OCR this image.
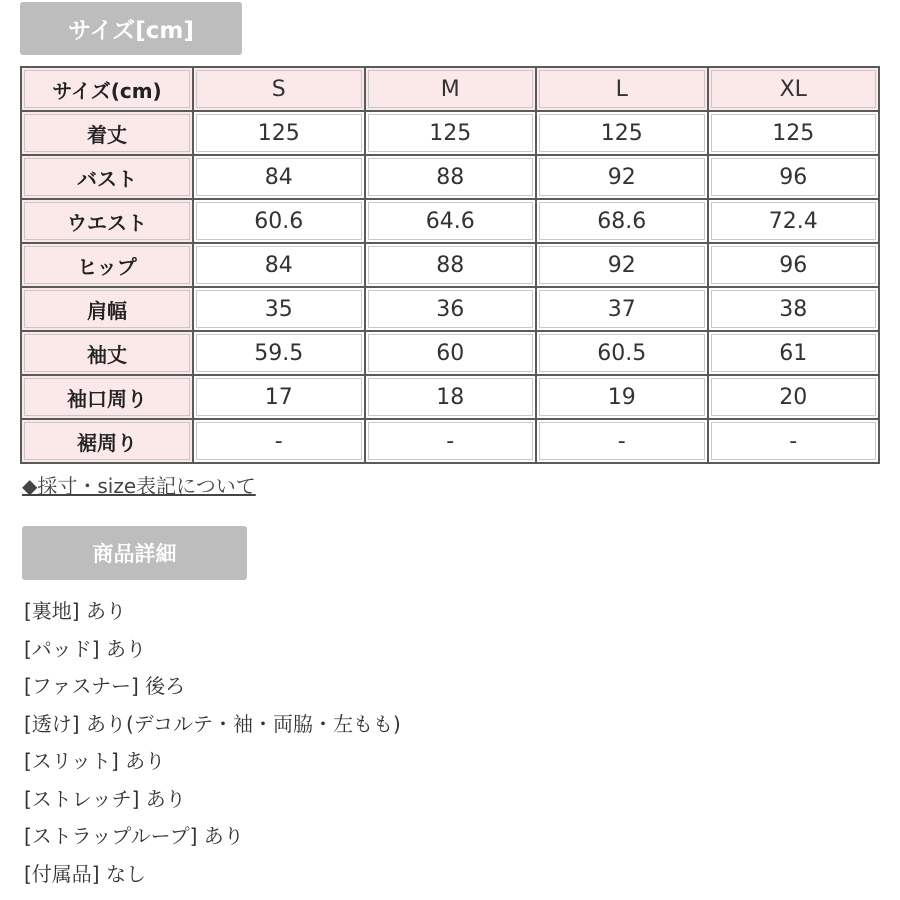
サイズ[cm]
サイズ(cm)	S	M	L	XL
着丈	125	125	125	125
バスト	84	88	92	96
ウエスト	60.6	64.6	68.6	72.4
ヒップ	84	88	92	96
肩幅	35	36	37	38
袖丈	59.5	60	60.5	61
袖口周り	17	18	19	20
裾周り	-	-	-	-
◆採寸・size表記について
商品詳細
[裏地] あり
[パッド] あり
[ファスナー] 後ろ
[透け] あり(デコルテ・袖・両脇・左もも)
[スリット] あり
[ストレッチ] あり
[ストラップループ] あり
[付属品] なし
